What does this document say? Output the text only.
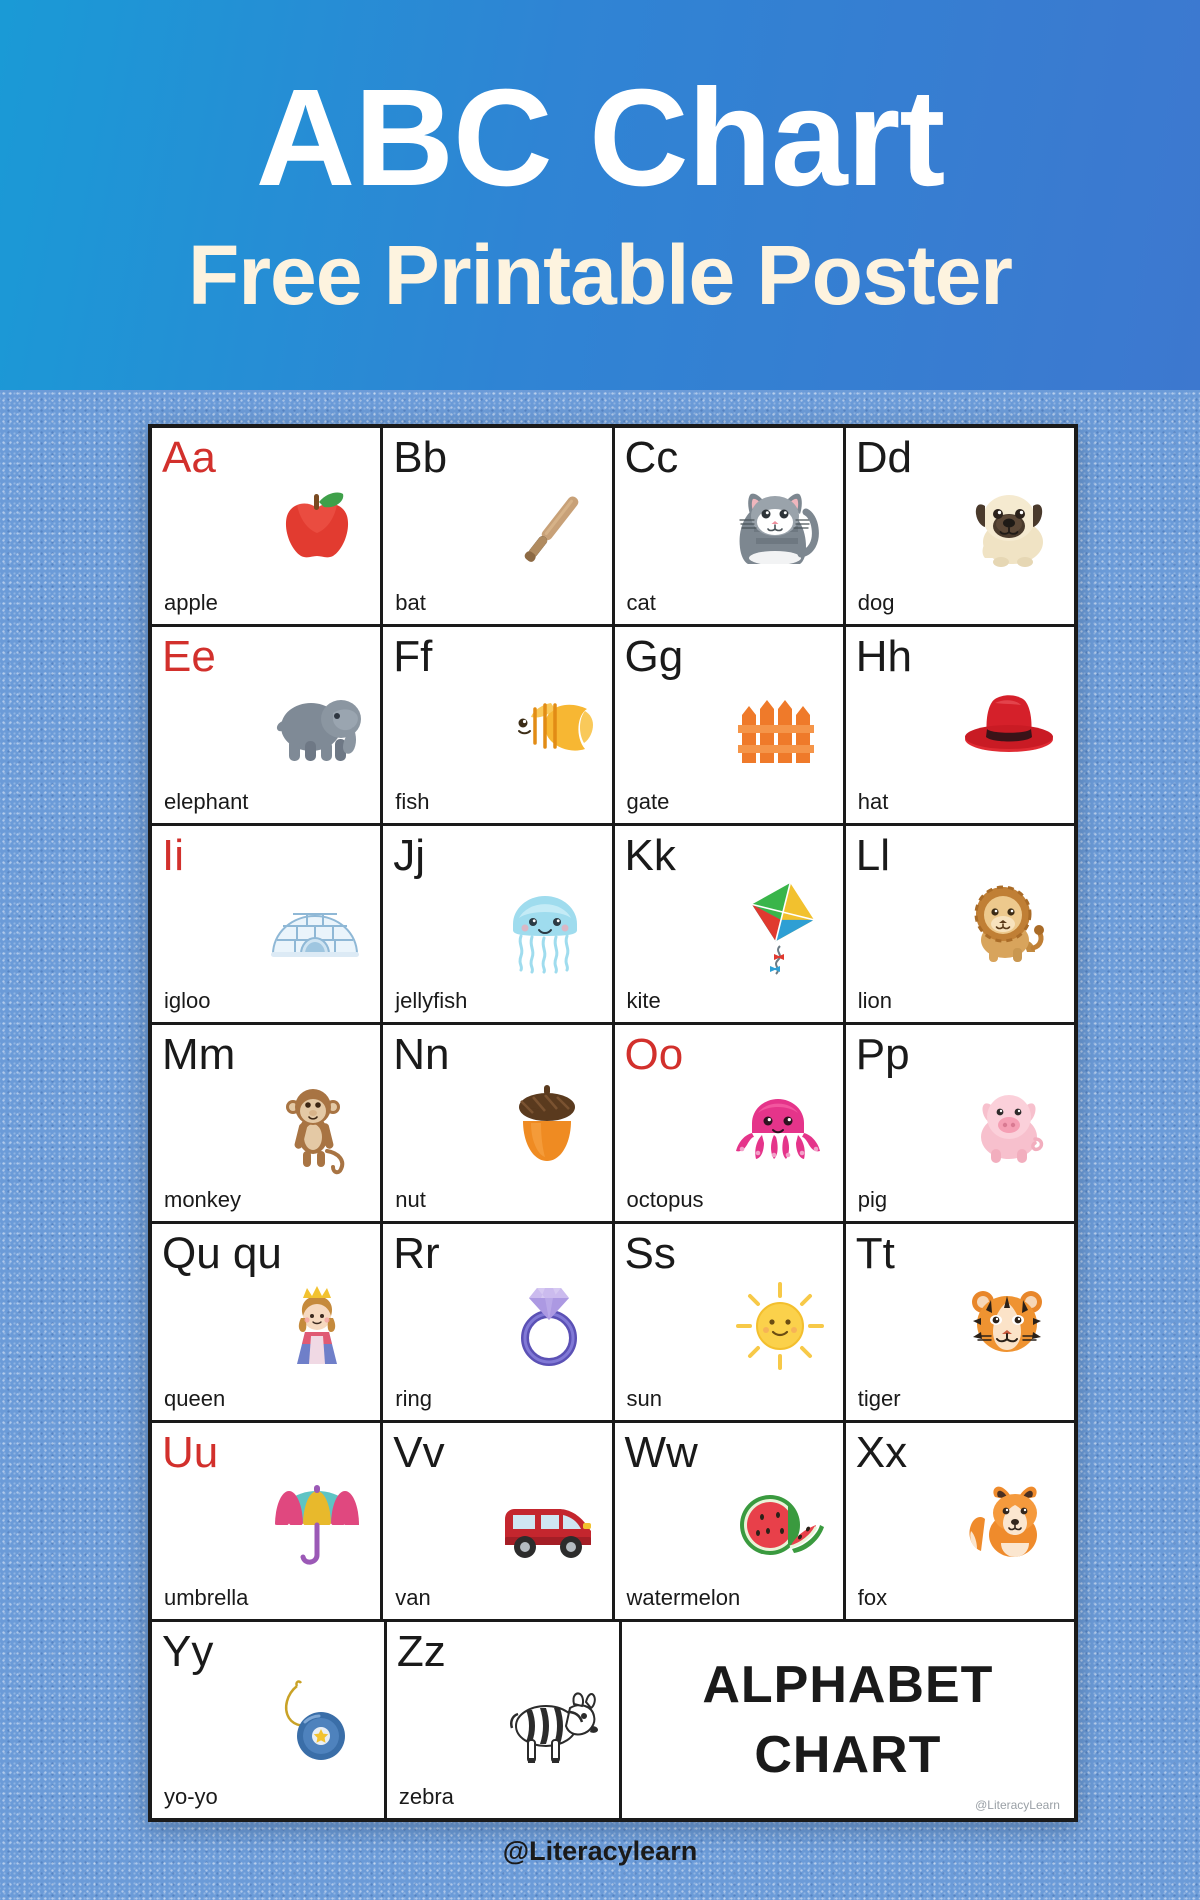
ABC Chart
Free Printable Poster
Aa
apple
Bb
bat
Cc
cat
Dd
dog
Ee
elephant
Ff
fish
Gg
gate
Hh
hat
Ii
igloo
Jj
jellyfish
Kk
kite
Ll
lion
Mm
monkey
Nn
nut
Oo
octopus
Pp
pig
Qu qu
queen
Rr
ring
Ss
sun
Tt
tiger
Uu
umbrella
Vv
van
Ww
watermelon
Xx
fox
Yy
yo-yo
Zz
zebra
ALPHABET
CHART
@LiteracyLearn
@Literacylearn
